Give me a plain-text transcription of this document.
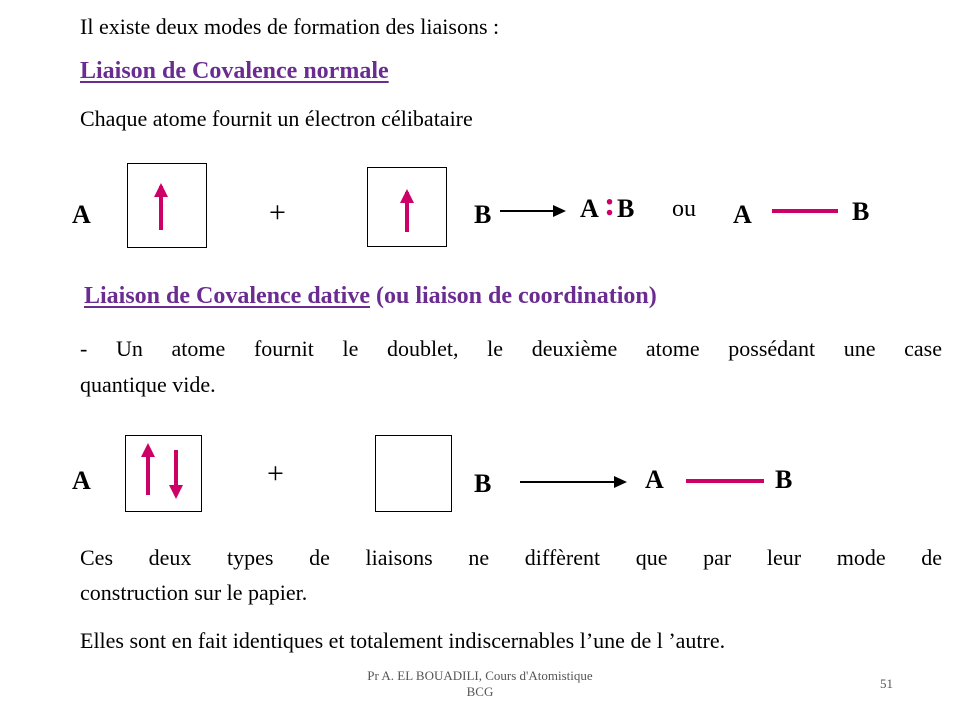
Il existe deux modes de formation des liaisons :
Liaison de Covalence normale
Chaque atome fournit un électron célibataire
A	+	B	A : B ou A	B
Liaison de Covalence dative (ou liaison de coordination)
- Un atome fournit le doublet, le deuxième atome possédant une case
quantique vide.
A	+	B	A	B
Ces deux types de liaisons ne diffèrent que par leur mode de
construction sur le papier.
Elles sont en fait identiques et totalement indiscernables l’une de l ’autre.
Pr A. EL BOUADILI, Cours d'Atomistique
BCG
51
